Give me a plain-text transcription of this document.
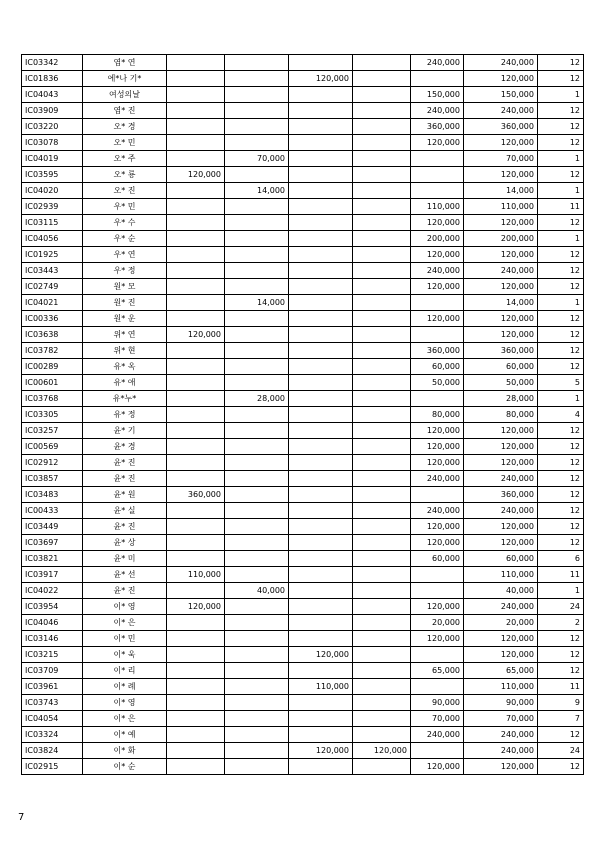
IC03342	염* 연					240,000	240,000	12
IC01836	에*나 기*			120,000			120,000	12
IC04043	여성의날					150,000	150,000	1
IC03909	염* 진					240,000	240,000	12
IC03220	오* 경					360,000	360,000	12
IC03078	오* 민					120,000	120,000	12
IC04019	오* 주		70,000				70,000	1
IC03595	오* 룡	120,000					120,000	12
IC04020	오* 진		14,000				14,000	1
IC02939	우* 민					110,000	110,000	11
IC03115	우* 수					120,000	120,000	12
IC04056	우* 순					200,000	200,000	1
IC01925	우* 연					120,000	120,000	12
IC03443	우* 정					240,000	240,000	12
IC02749	원* 모					120,000	120,000	12
IC04021	원* 진		14,000				14,000	1
IC00336	원* 운					120,000	120,000	12
IC03638	위* 연	120,000					120,000	12
IC03782	위* 현					360,000	360,000	12
IC00289	유* 옥					60,000	60,000	12
IC00601	유* 애					50,000	50,000	5
IC03768	유*누*		28,000				28,000	1
IC03305	유* 정					80,000	80,000	4
IC03257	윤* 기					120,000	120,000	12
IC00569	윤* 경					120,000	120,000	12
IC02912	윤* 진					120,000	120,000	12
IC03857	윤* 진					240,000	240,000	12
IC03483	윤* 원	360,000					360,000	12
IC00433	윤* 실					240,000	240,000	12
IC03449	윤* 진					120,000	120,000	12
IC03697	윤* 상					120,000	120,000	12
IC03821	윤* 미					60,000	60,000	6
IC03917	윤* 선	110,000					110,000	11
IC04022	윤* 진		40,000				40,000	1
IC03954	이* 영	120,000				120,000	240,000	24
IC04046	이* 은					20,000	20,000	2
IC03146	이* 민					120,000	120,000	12
IC03215	이* 욱			120,000			120,000	12
IC03709	이* 리					65,000	65,000	12
IC03961	이* 례			110,000			110,000	11
IC03743	이* 영					90,000	90,000	9
IC04054	이* 은					70,000	70,000	7
IC03324	이* 예					240,000	240,000	12
IC03824	이* 화			120,000	120,000		240,000	24
IC02915	이* 순					120,000	120,000	12
7
